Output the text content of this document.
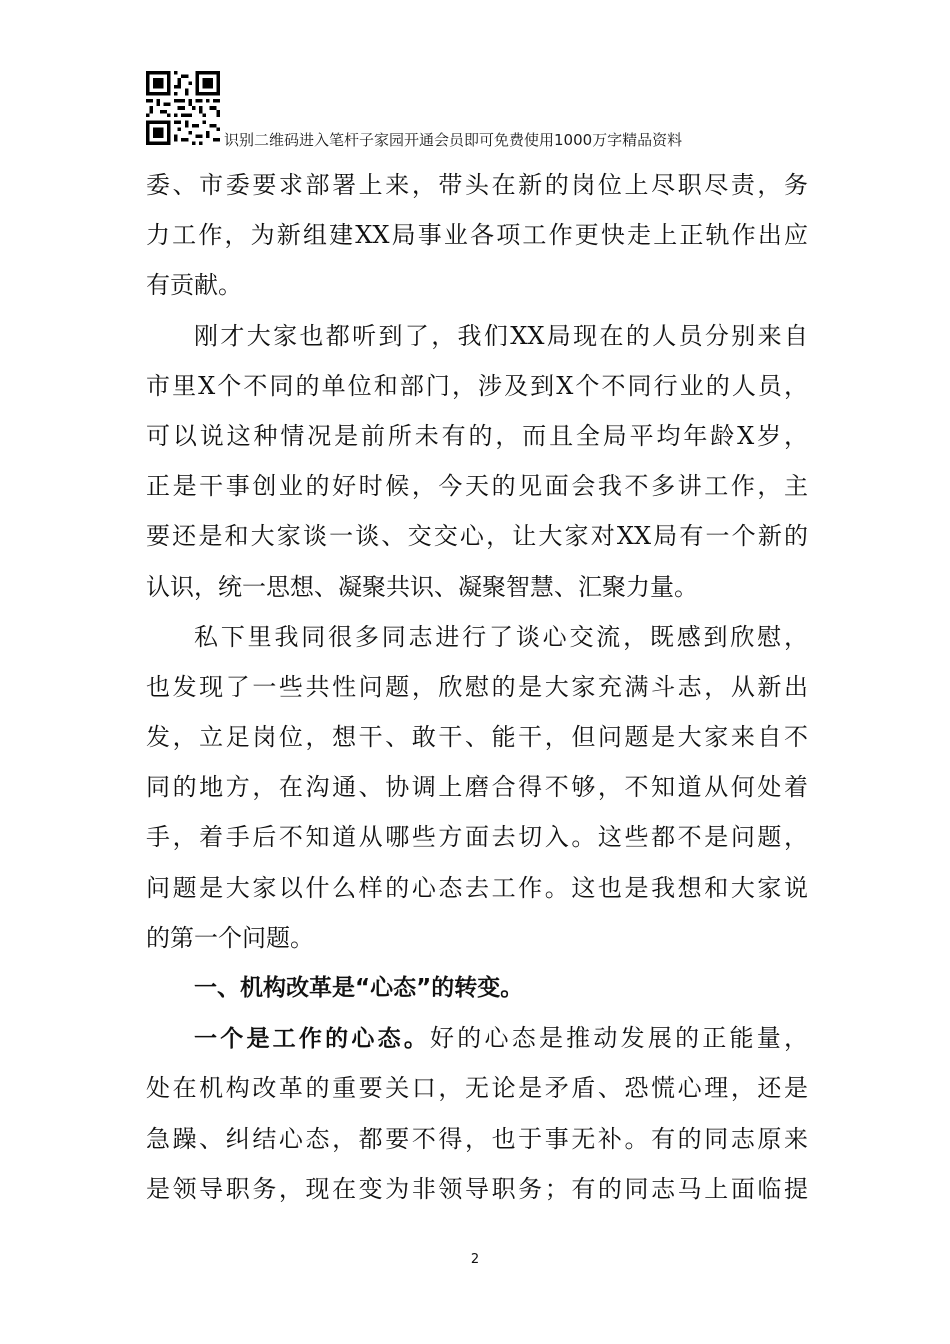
识别二维码进入笔杆子家园开通会员即可免费使用1000万字精品资料
委、市委要求部署上来，带头在新的岗位上尽职尽责，务
力工作，为新组建XX局事业各项工作更快走上正轨作出应
有贡献。
刚才大家也都听到了，我们XX局现在的人员分别来自
市里X个不同的单位和部门，涉及到X个不同行业的人员，
可以说这种情况是前所未有的，而且全局平均年龄X岁，
正是干事创业的好时候，今天的见面会我不多讲工作，主
要还是和大家谈一谈、交交心，让大家对XX局有一个新的
认识，统一思想、凝聚共识、凝聚智慧、汇聚力量。
私下里我同很多同志进行了谈心交流，既感到欣慰，
也发现了一些共性问题，欣慰的是大家充满斗志，从新出
发，立足岗位，想干、敢干、能干，但问题是大家来自不
同的地方，在沟通、协调上磨合得不够，不知道从何处着
手，着手后不知道从哪些方面去切入。这些都不是问题，
问题是大家以什么样的心态去工作。这也是我想和大家说
的第一个问题。
一、机构改革是“心态”的转变。
一个是工作的心态。好的心态是推动发展的正能量，
处在机构改革的重要关口，无论是矛盾、恐慌心理，还是
急躁、纠结心态，都要不得，也于事无补。有的同志原来
是领导职务，现在变为非领导职务；有的同志马上面临提
2
